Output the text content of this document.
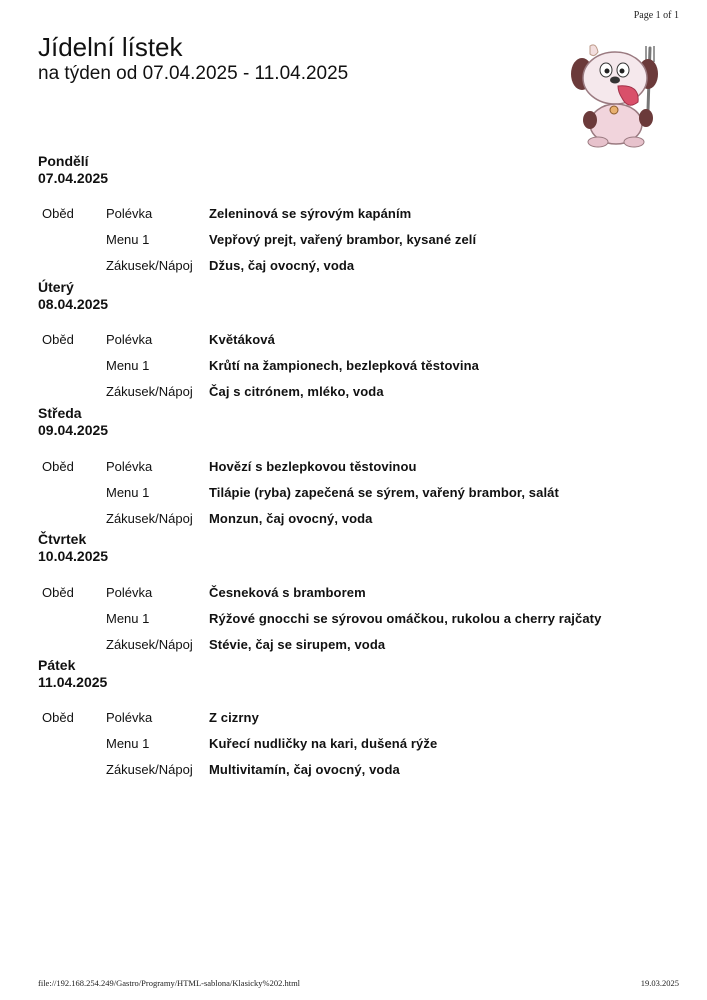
Page 1 of 1
Jídelní lístek
na týden od 07.04.2025 - 11.04.2025
Pondělí
07.04.2025
Oběd Polévka	Zeleninová se sýrovým kapáním
Menu 1	Vepřový prejt, vařený brambor, kysané zelí
Zákusek/Nápoj Džus, čaj ovocný, voda
Úterý
08.04.2025
Oběd Polévka	Květáková
Menu 1	Krůtí na žampionech, bezlepková těstovina
Zákusek/Nápoj Čaj s citrónem, mléko, voda
Středa
09.04.2025
Oběd Polévka	Hovězí s bezlepkovou těstovinou
Menu 1	Tilápie (ryba) zapečená se sýrem, vařený brambor, salát
Zákusek/Nápoj Monzun, čaj ovocný, voda
Čtvrtek
10.04.2025
Oběd Polévka	Česneková s bramborem
Menu 1	Rýžové gnocchi se sýrovou omáčkou, rukolou a cherry rajčaty
Zákusek/Nápoj Stévie, čaj se sirupem, voda
Pátek
11.04.2025
Oběd Polévka	Z cizrny
Menu 1	Kuřecí nudličky na kari, dušená rýže
Zákusek/Nápoj Multivitamín, čaj ovocný, voda
file://192.168.254.249/Gastro/Programy/HTML-sablona/Klasicky%202.html	19.03.2025
